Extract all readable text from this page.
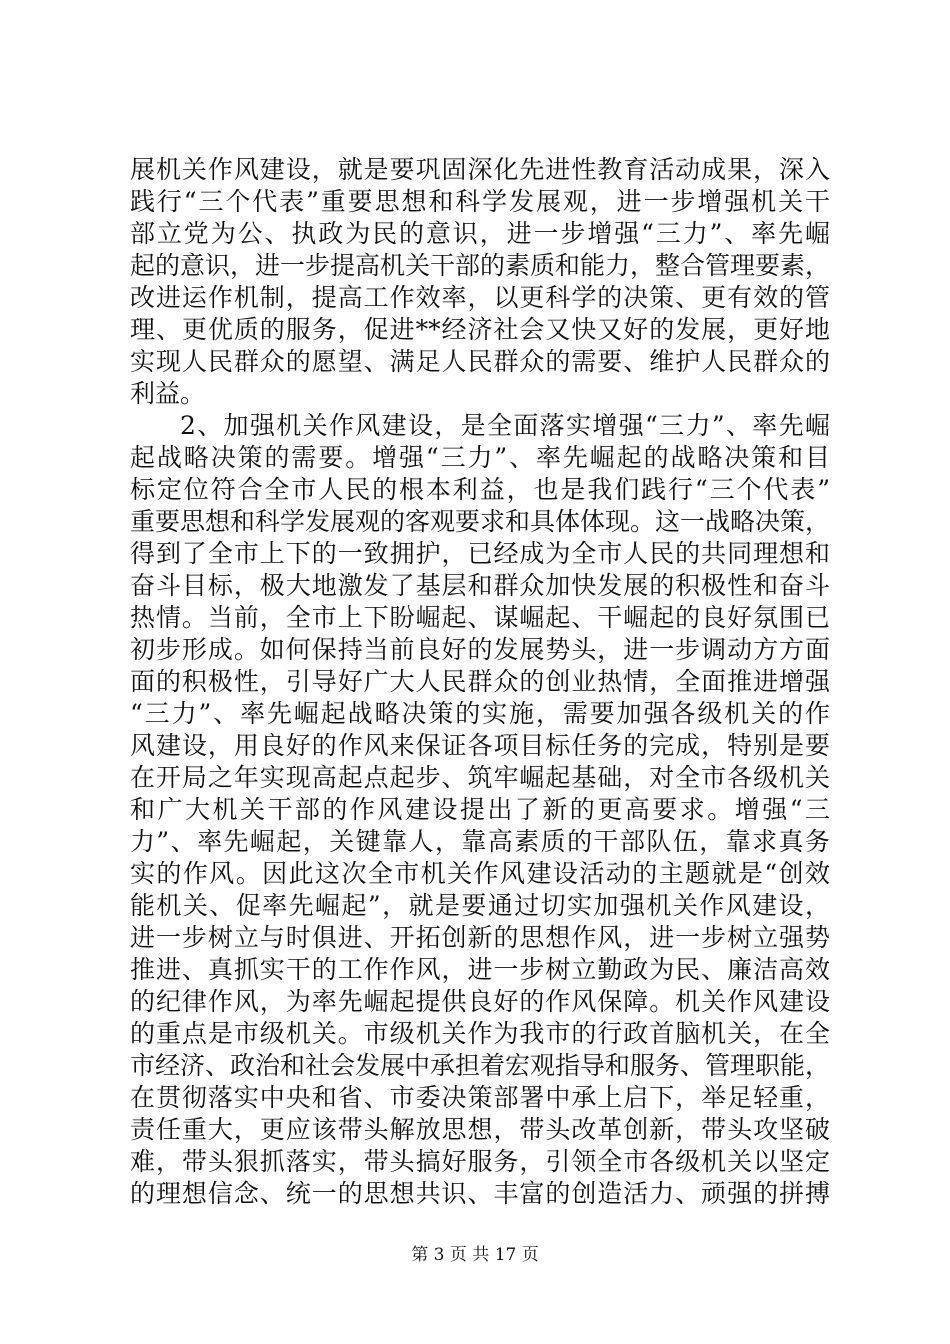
展机关作风建设，就是要巩固深化先进性教育活动成果，深入
践行“三个代表”重要思想和科学发展观，进一步增强机关干
部立党为公、执政为民的意识，进一步增强“三力”、率先崛
起的意识，进一步提高机关干部的素质和能力，整合管理要素，
改进运作机制，提高工作效率，以更科学的决策、更有效的管
理、更优质的服务，促进**经济社会又快又好的发展，更好地
实现人民群众的愿望、满足人民群众的需要、维护人民群众的
利益。
2、加强机关作风建设，是全面落实增强“三力”、率先崛
起战略决策的需要。增强“三力”、率先崛起的战略决策和目
标定位符合全市人民的根本利益，也是我们践行“三个代表”
重要思想和科学发展观的客观要求和具体体现。这一战略决策，
得到了全市上下的一致拥护，已经成为全市人民的共同理想和
奋斗目标，极大地激发了基层和群众加快发展的积极性和奋斗
热情。当前，全市上下盼崛起、谋崛起、干崛起的良好氛围已
初步形成。如何保持当前良好的发展势头，进一步调动方方面
面的积极性，引导好广大人民群众的创业热情，全面推进增强
“三力”、率先崛起战略决策的实施，需要加强各级机关的作
风建设，用良好的作风来保证各项目标任务的完成，特别是要
在开局之年实现高起点起步、筑牢崛起基础，对全市各级机关
和广大机关干部的作风建设提出了新的更高要求。增强“三
力”、率先崛起，关键靠人，靠高素质的干部队伍，靠求真务
实的作风。因此这次全市机关作风建设活动的主题就是“创效
能机关、促率先崛起”，就是要通过切实加强机关作风建设，
进一步树立与时俱进、开拓创新的思想作风，进一步树立强势
推进、真抓实干的工作作风，进一步树立勤政为民、廉洁高效
的纪律作风，为率先崛起提供良好的作风保障。机关作风建设
的重点是市级机关。市级机关作为我市的行政首脑机关，在全
市经济、政治和社会发展中承担着宏观指导和服务、管理职能，
在贯彻落实中央和省、市委决策部署中承上启下，举足轻重，
责任重大，更应该带头解放思想，带头改革创新，带头攻坚破
难，带头狠抓落实，带头搞好服务，引领全市各级机关以坚定
的理想信念、统一的思想共识、丰富的创造活力、顽强的拼搏
第 3 页 共 17 页
